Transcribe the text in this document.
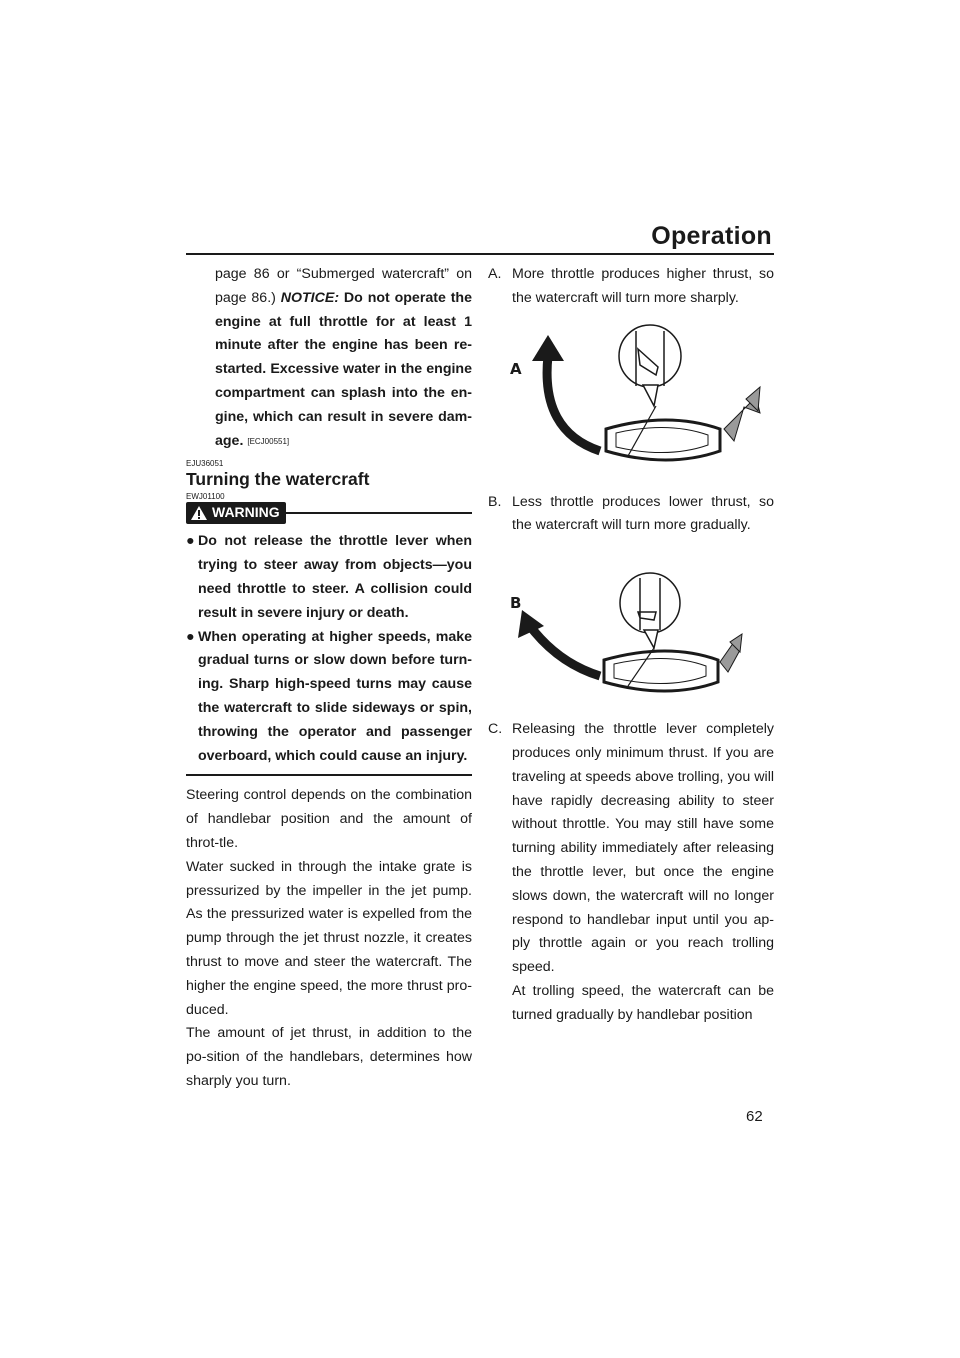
Operation
page 86 or “Submerged watercraft” on page 86.) NOTICE: Do not operate the engine at full throttle for at least 1 minute after the engine has been re-started. Excessive water in the engine compartment can splash into the en-gine, which can result in severe dam-age. [ECJ00551]
EJU36051
Turning the watercraft
EWJ01100
WARNING
● Do not release the throttle lever when trying to steer away from objects—you need throttle to steer. A collision could result in severe injury or death.
● When operating at higher speeds, make gradual turns or slow down before turn-ing. Sharp high-speed turns may cause the watercraft to slide sideways or spin, throwing the operator and passenger overboard, which could cause an injury.
Steering control depends on the combination of handlebar position and the amount of throt-tle.
Water sucked in through the intake grate is pressurized by the impeller in the jet pump. As the pressurized water is expelled from the pump through the jet thrust nozzle, it creates thrust to move and steer the watercraft. The higher the engine speed, the more thrust pro-duced.
The amount of jet thrust, in addition to the po-sition of the handlebars, determines how sharply you turn.
A. More throttle produces higher thrust, so the watercraft will turn more sharply.
A
B. Less throttle produces lower thrust, so the watercraft will turn more gradually.
B
C. Releasing the throttle lever completely produces only minimum thrust. If you are traveling at speeds above trolling, you will have rapidly decreasing ability to steer without throttle. You may still have some turning ability immediately after releasing the throttle lever, but once the engine slows down, the watercraft will no longer respond to handlebar input until you ap-ply throttle again or you reach trolling speed.
At trolling speed, the watercraft can be turned gradually by handlebar position
62
